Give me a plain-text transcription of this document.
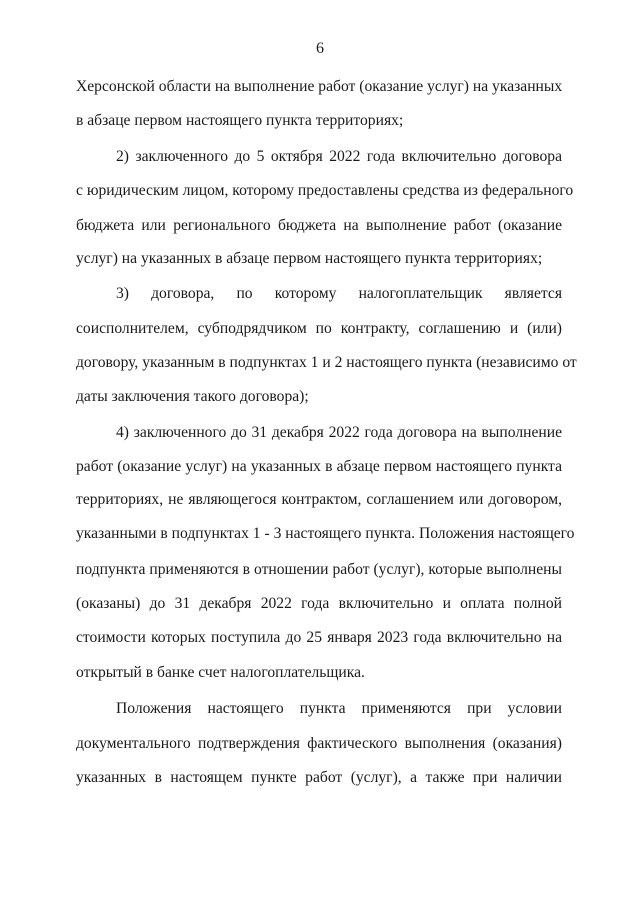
6
Херсонской области на выполнение работ (оказание услуг) на указанных
в абзаце первом настоящего пункта территориях;
2) заключенного до 5 октября 2022 года включительно договора
с юридическим лицом, которому предоставлены средства из федерального
бюджета или регионального бюджета на выполнение работ (оказание
услуг) на указанных в абзаце первом настоящего пункта территориях;
3) договора, по которому налогоплательщик является
соисполнителем, субподрядчиком по контракту, соглашению и (или)
договору, указанным в подпунктах 1 и 2 настоящего пункта (независимо от
даты заключения такого договора);
4) заключенного до 31 декабря 2022 года договора на выполнение
работ (оказание услуг) на указанных в абзаце первом настоящего пункта
территориях, не являющегося контрактом, соглашением или договором,
указанными в подпунктах 1 - 3 настоящего пункта. Положения настоящего
подпункта применяются в отношении работ (услуг), которые выполнены
(оказаны) до 31 декабря 2022 года включительно и оплата полной
стоимости которых поступила до 25 января 2023 года включительно на
открытый в банке счет налогоплательщика.
Положения настоящего пункта применяются при условии
документального подтверждения фактического выполнения (оказания)
указанных в настоящем пункте работ (услуг), а также при наличии
